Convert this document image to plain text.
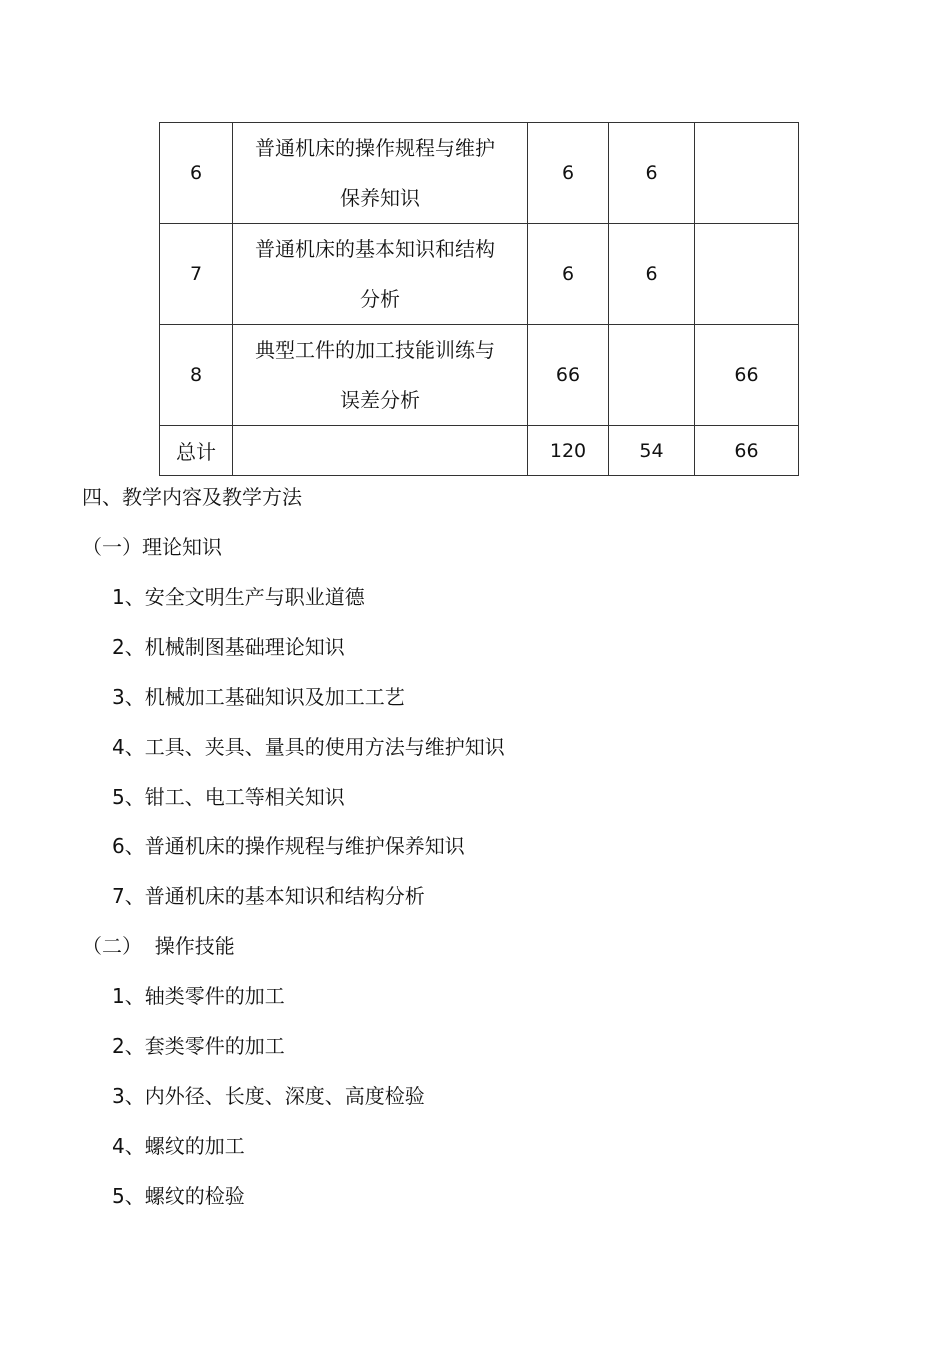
6	普通机床的操作规程与维护
保养知识	6	6	
7	普通机床的基本知识和结构
分析	6	6	
8	典型工件的加工技能训练与
误差分析	66		66
总计		120	54	66
四、教学内容及教学方法
（一）理论知识
1、安全文明生产与职业道德
2、机械制图基础理论知识
3、机械加工基础知识及加工工艺
4、工具、夹具、量具的使用方法与维护知识
5、钳工、电工等相关知识
6、普通机床的操作规程与维护保养知识
7、普通机床的基本知识和结构分析
（二）  操作技能
1、轴类零件的加工
2、套类零件的加工
3、内外径、长度、深度、高度检验
4、螺纹的加工
5、螺纹的检验
